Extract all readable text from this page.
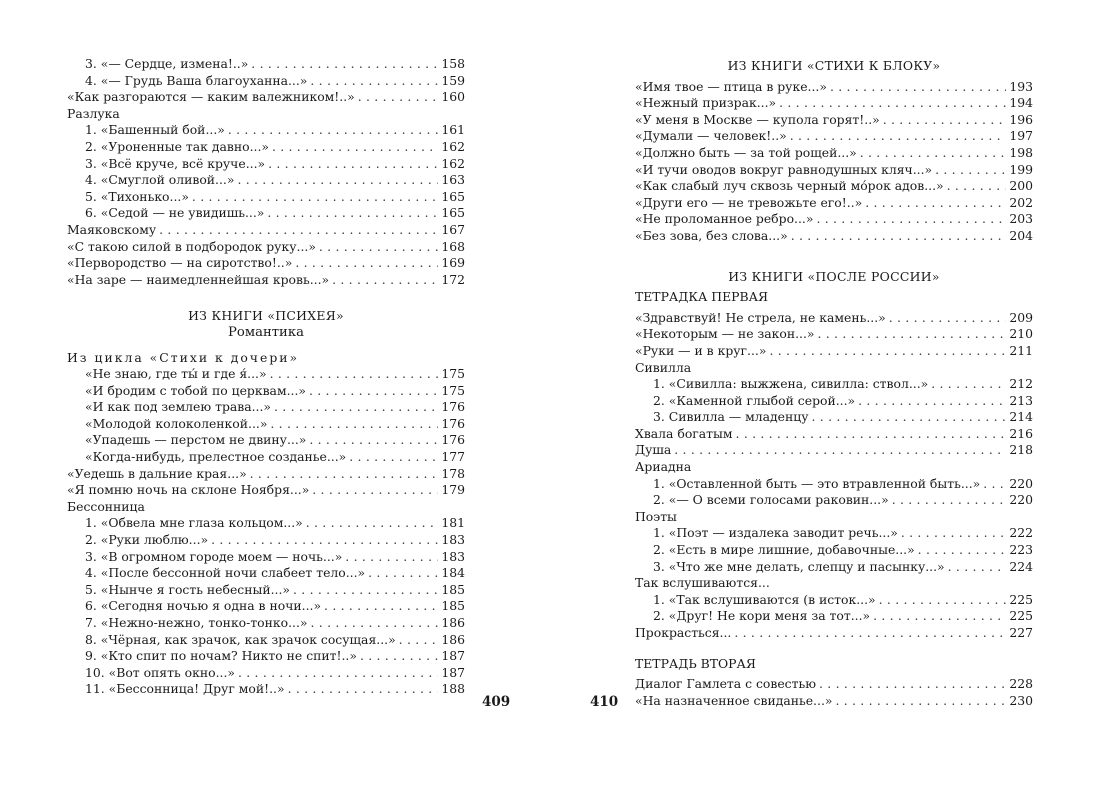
3. «— Сердце, измена!..» . . .	158
4. «— Грудь Ваша благоуханна...» . . .	159
«Как разгораются — каким валежником!..» . . .	160
Разлука
1. «Башенный бой...» . . .	161
2. «Уроненные так давно...» . . .	162
3. «Всё круче, всё круче...» . . .	162
4. «Смуглой оливой...» . . .	163
5. «Тихонько...» . . .	165
6. «Седой — не увидишь...» . . .	165
Маяковскому . . .	167
«С такою силой в подбородок руку...» . . .	168
«Первородство — на сиротство!..» . . .	169
«На заре — наимедленнейшая кровь...» . . .	172
ИЗ КНИГИ «ПСИХЕЯ»
Романтика
Из цикла «Стихи к дочери»
«Не знаю, где ты́ и где я́...» . . .	175
«И бродим с тобой по церквам...» . . .	175
«И как под землею трава...» . . .	176
«Молодой колоколенкой...» . . .	176
«Упадешь — перстом не двину...» . . .	176
«Когда-нибудь, прелестное созданье...» . . .	177
«Уедешь в дальние края...» . . .	178
«Я помню ночь на склоне Ноября...» . . .	179
Бессонница
1. «Обвела мне глаза кольцом...» . . .	181
2. «Руки люблю...» . . .	183
3. «В огромном городе моем — ночь...» . . .	183
4. «После бессонной ночи слабеет тело...» . . .	184
5. «Нынче я гость небесный...» . . .	185
6. «Сегодня ночью я одна в ночи...» . . .	185
7. «Нежно-нежно, тонко-тонко...» . . .	186
8. «Чёрная, как зрачок, как зрачок сосущая...» . . .	186
9. «Кто спит по ночам? Никто не спит!..» . . .	187
10. «Вот опять окно...» . . .	187
11. «Бессонница! Друг мой!..» . . .	188
409
ИЗ КНИГИ «СТИХИ К БЛОКУ»
«Имя твое — птица в руке...» . . .	193
«Нежный призрак...» . . .	194
«У меня в Москве — купола горят!..» . . .	196
«Думали — человек!..» . . .	197
«Должно быть — за той рощей...» . . .	198
«И тучи оводов вокруг равнодушных кляч...» . . .	199
«Как слабый луч сквозь черный мо́рок адов...» . . .	200
«Други его — не тревожьте его!..» . . .	202
«Не проломанное ребро...» . . .	203
«Без зова, без слова...» . . .	204
ИЗ КНИГИ «ПОСЛЕ РОССИИ»
ТЕТРАДКА ПЕРВАЯ
«Здравствуй! Не стрела, не камень...» . . .	209
«Некоторым — не закон...» . . .	210
«Руки — и в круг...» . . .	211
Сивилла
1. «Сивилла: выжжена, сивилла: ствол...» . . .	212
2. «Каменной глыбой серой...» . . .	213
3. Сивилла — младенцу . . .	214
Хвала богатым . . .	216
Душа . . .	218
Ариадна
1. «Оставленной быть — это втравленной быть...» . . . 220
2. «— О всеми голосами раковин...» . . .	220
Поэты
1. «Поэт — издалека заводит речь...» . . .	222
2. «Есть в мире лишние, добавочные...» . . .	223
3. «Что же мне делать, слепцу и пасынку...» . . .	224
Так вслушиваются...
1. «Так вслушиваются (в исток...» . . .	225
2. «Друг! Не кори меня за тот...» . . .	225
Прокрасться... . . .	227
ТЕТРАДЬ ВТОРАЯ
Диалог Гамлета с совестью . . .	228
«На назначенное свиданье...» . . .	230
410
